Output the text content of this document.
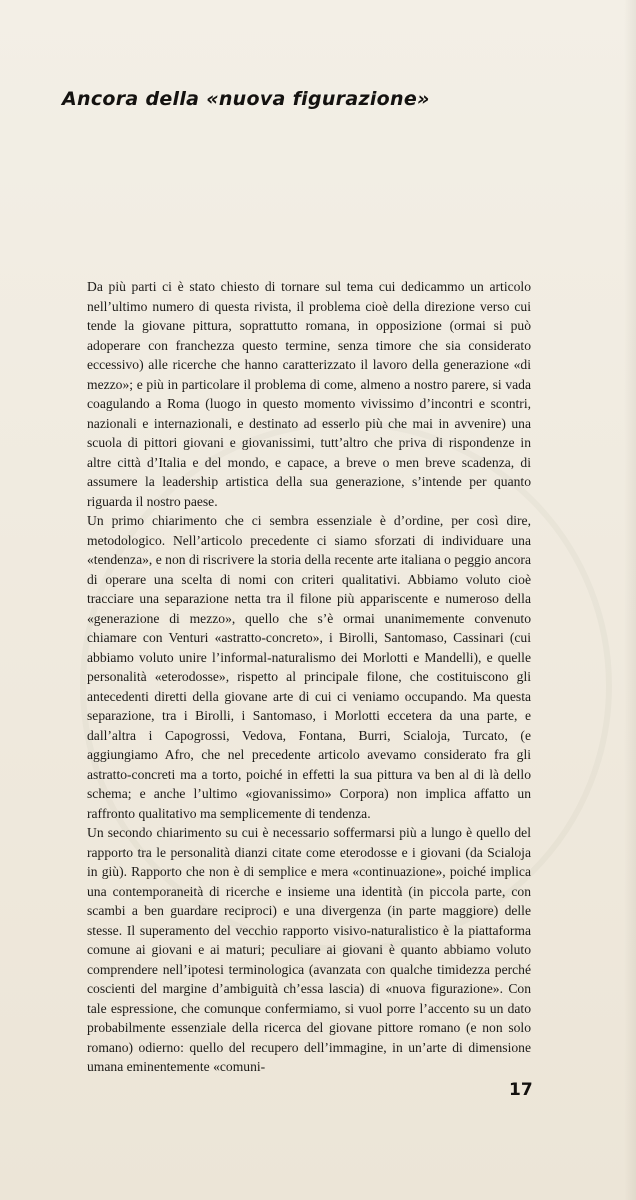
Ancora della «nuova figurazione»

Da più parti ci è stato chiesto di tornare sul tema cui dedicammo un articolo nell’ultimo numero di questa rivista, il problema cioè della direzione verso cui tende la giovane pittura, soprattutto romana, in opposizione (ormai si può adoperare con franchezza questo termine, senza timore che sia considerato eccessivo) alle ricerche che hanno caratterizzato il lavoro della generazione «di mezzo»; e più in particolare il problema di come, almeno a nostro parere, si vada coagulando a Roma (luogo in questo momento vivissimo d’incontri e scontri, nazionali e internazionali, e destinato ad esserlo più che mai in avvenire) una scuola di pittori giovani e giovanissimi, tutt’altro che priva di rispondenze in altre città d’Italia e del mondo, e capace, a breve o men breve scadenza, di assumere la leadership artistica della sua generazione, s’intende per quanto riguarda il nostro paese.

Un primo chiarimento che ci sembra essenziale è d’ordine, per così dire, metodologico. Nell’articolo precedente ci siamo sforzati di individuare una «tendenza», e non di riscrivere la storia della recente arte italiana o peggio ancora di operare una scelta di nomi con criteri qualitativi. Abbiamo voluto cioè tracciare una separazione netta tra il filone più appariscente e numeroso della «generazione di mezzo», quello che s’è ormai unanimemente convenuto chiamare con Venturi «astratto-concreto», i Birolli, Santomaso, Cassinari (cui abbiamo voluto unire l’informal-naturalismo dei Morlotti e Mandelli), e quelle personalità «eterodosse», rispetto al principale filone, che costituiscono gli antecedenti diretti della giovane arte di cui ci veniamo occupando. Ma questa separazione, tra i Birolli, i Santomaso, i Morlotti eccetera da una parte, e dall’altra i Capogrossi, Vedova, Fontana, Burri, Scialoja, Turcato, (e aggiungiamo Afro, che nel precedente articolo avevamo considerato fra gli astratto-concreti ma a torto, poiché in effetti la sua pittura va ben al di là dello schema; e anche l’ultimo «giovanissimo» Corpora) non implica affatto un raffronto qualitativo ma semplicemente di tendenza.

Un secondo chiarimento su cui è necessario soffermarsi più a lungo è quello del rapporto tra le personalità dianzi citate come eterodosse e i giovani (da Scialoja in giù). Rapporto che non è di semplice e mera «continuazione», poiché implica una contemporaneità di ricerche e insieme una identità (in piccola parte, con scambi a ben guardare reciproci) e una divergenza (in parte maggiore) delle stesse. Il superamento del vecchio rapporto visivo-naturalistico è la piattaforma comune ai giovani e ai maturi; peculiare ai giovani è quanto abbiamo voluto comprendere nell’ipotesi terminologica (avanzata con qualche timidezza perché coscienti del margine d’ambiguità ch’essa lascia) di «nuova figurazione». Con tale espressione, che comunque confermiamo, si vuol porre l’accento su un dato probabilmente essenziale della ricerca del giovane pittore romano (e non solo romano) odierno: quello del recupero dell’immagine, in un’arte di dimensione umana eminentemente «comuni-

17
